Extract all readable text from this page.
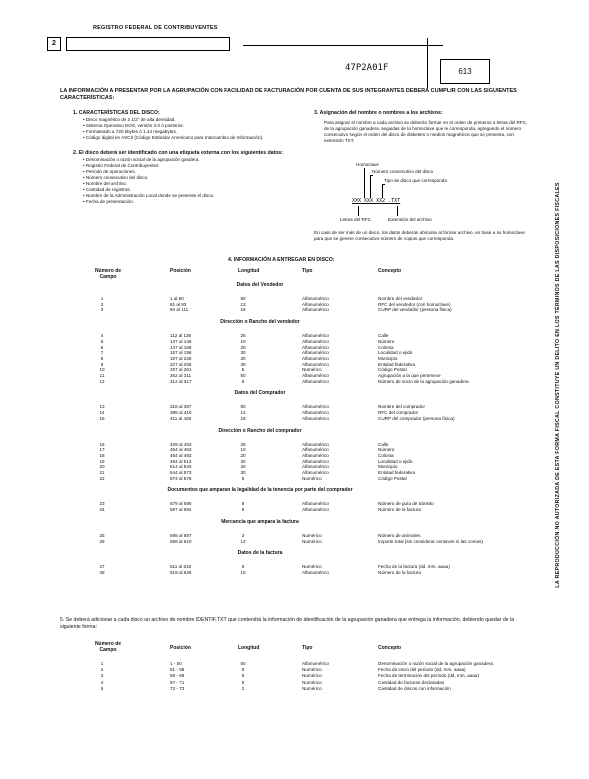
REGISTRO FEDERAL DE CONTRIBUYENTES
2
47P2A01F	613
LA INFORMACIÓN A PRESENTAR POR LA AGRUPACIÓN CON FACILIDAD DE FACTURACIÓN POR CUENTA DE SUS INTEGRANTES DEBERÁ CUMPLIR CON LAS SIGUIENTES CARACTERÍSTICAS:
1. CARACTERÍSTICAS DEL DISCO:
• Disco magnético de 3 1/2" de alta densidad.
• Sistema Operativo DOS, versión 3.0 ó posterior.
• Formateado a 720 kbytes ó 1.44 megabytes.
• Código digital en ASCII (Código Estándar Americano para Intercambio de Información).
2. El disco deberá ser identificado con una etiqueta externa con los siguientes datos:
• Denominación o razón social de la agrupación gandera.
• Registro Federal de Contribuyentes.
• Período de operaciones.
• Número consecutivo del disco.
• Nombre del archivo.
• Cantidad de registros.
• Nombre de la Administración Local donde se presente el disco.
• Fecha de presentación.
3. Asignación del nombre o nombres a los archivos:
Para asignar el nombre a cada archivo se deberán formar en el orden de primeros 3 letras del RFC, de la agrupación ganadera, seguidas de la homoclave que le corresponda, agregando el número consecutivo según el orden del disco de diskettes o medios magnéticos que se presenta, con extensión TXT.
Homoclave
Número consecutivo del disco
Tipo de disco que corresponda
XXX XXX XX2 .TXT
Letras del RFC	Extensión del archivo
En caso de ser más de un disco, los datos deberán ubicarse al formar archivo, en base a su homoclave para que se genere consecutivo número de copias que corresponda.
4. INFORMACIÓN A ENTREGAR EN DISCO:
Número de Campo
Posición	Longitud	Tipo	Concepto
Datos del Vendedor
1	1 al 80	80	Alfanumérico	Nombre del vendedor
2	81 al 93	13	Alfanumérico	RFC del vendedor (con homoclave)
3	94 al 111	18	Alfanumérico	CURP del vendedor (persona física)
Dirección o Rancho del vendedor
4	112 al 136	25	Alfanumérico	Calle
5	137 al 146	10	Alfanumérico	Número
6	147 al 166	20	Alfanumérico	Colonia
7	167 al 196	30	Alfanumérico	Localidad o ejido
8	197 al 226	30	Alfanumérico	Municipio
9	227 al 256	30	Alfanumérico	Entidad federativa
10	257 al 261	5	Numérico	Código Postal
11	262 al 311	50	Alfanumérico	Agrupación a la que pertenece
12	312 al 317	6	Alfanumérico	Número de socio de la agrupación ganadera
Datos del Comprador
13	318 al 397	80	Alfanumérico	Nombre del comprador
14	398 al 410	13	Alfanumérico	RFC del comprador
15	411 al 428	18	Alfanumérico	CURP del comprador (persona física)
Dirección o Rancho del comprador
16	429 al 453	25	Alfanumérico	Calle
17	454 al 463	10	Alfanumérico	Número
18	464 al 483	20	Alfanumérico	Colonia
19	484 al 513	30	Alfanumérico	Localidad o ejido
20	514 al 543	30	Alfanumérico	Municipio
21	544 al 573	30	Alfanumérico	Entidad federativa
22	574 al 578	5	Numérico	Código Postal
Documentos que amparan la legalidad de la tenencia por parte del comprador
23	579 al 586	8	Alfanumérico	Número de guía de tránsito
24	587 al 594	8	Alfanumérico	Número de la factura
Mercancía que ampara la factura
25	595 al 597	3	Numérico	Número de animales
26	598 al 610	13	Numérico	Importe total (sin considerar centavos ni las comas)
Datos de la factura
27	611 al 618	8	Numérico	Fecha de la factura (dd, mm, aaaa)
28	619 al 628	10	Alfanumérico	Número de la factura
5. Se deberá adicionar a cada disco un archivo de nombre IDENTIF.TXT que contendrá la información de identificación de la agrupación ganadera que entrega la información, debiendo quedar de la siguiente forma:
Número de Campo	Posición	Longitud	Tipo	Concepto
1	1 - 50	50	Alfanumérico	Denominación o razón social de la agrupación ganadera
2	51 - 58	8	Numérico	Fecha de inicio del período (dd, mm, aaaa)
3	59 - 66	8	Numérico	Fecha de terminación del período (dd, mm, aaaa)
4	67 - 71	5	Numérico	Cantidad de facturas declaradas
5	72 - 73	2	Numérico	Cantidad de discos con información
LA REPRODUCCIÓN NO AUTORIZADA DE ESTA FORMA FISCAL CONSTITUYE UN DELITO EN LOS TÉRMINOS DE LAS DISPOSICIONES FISCALES
